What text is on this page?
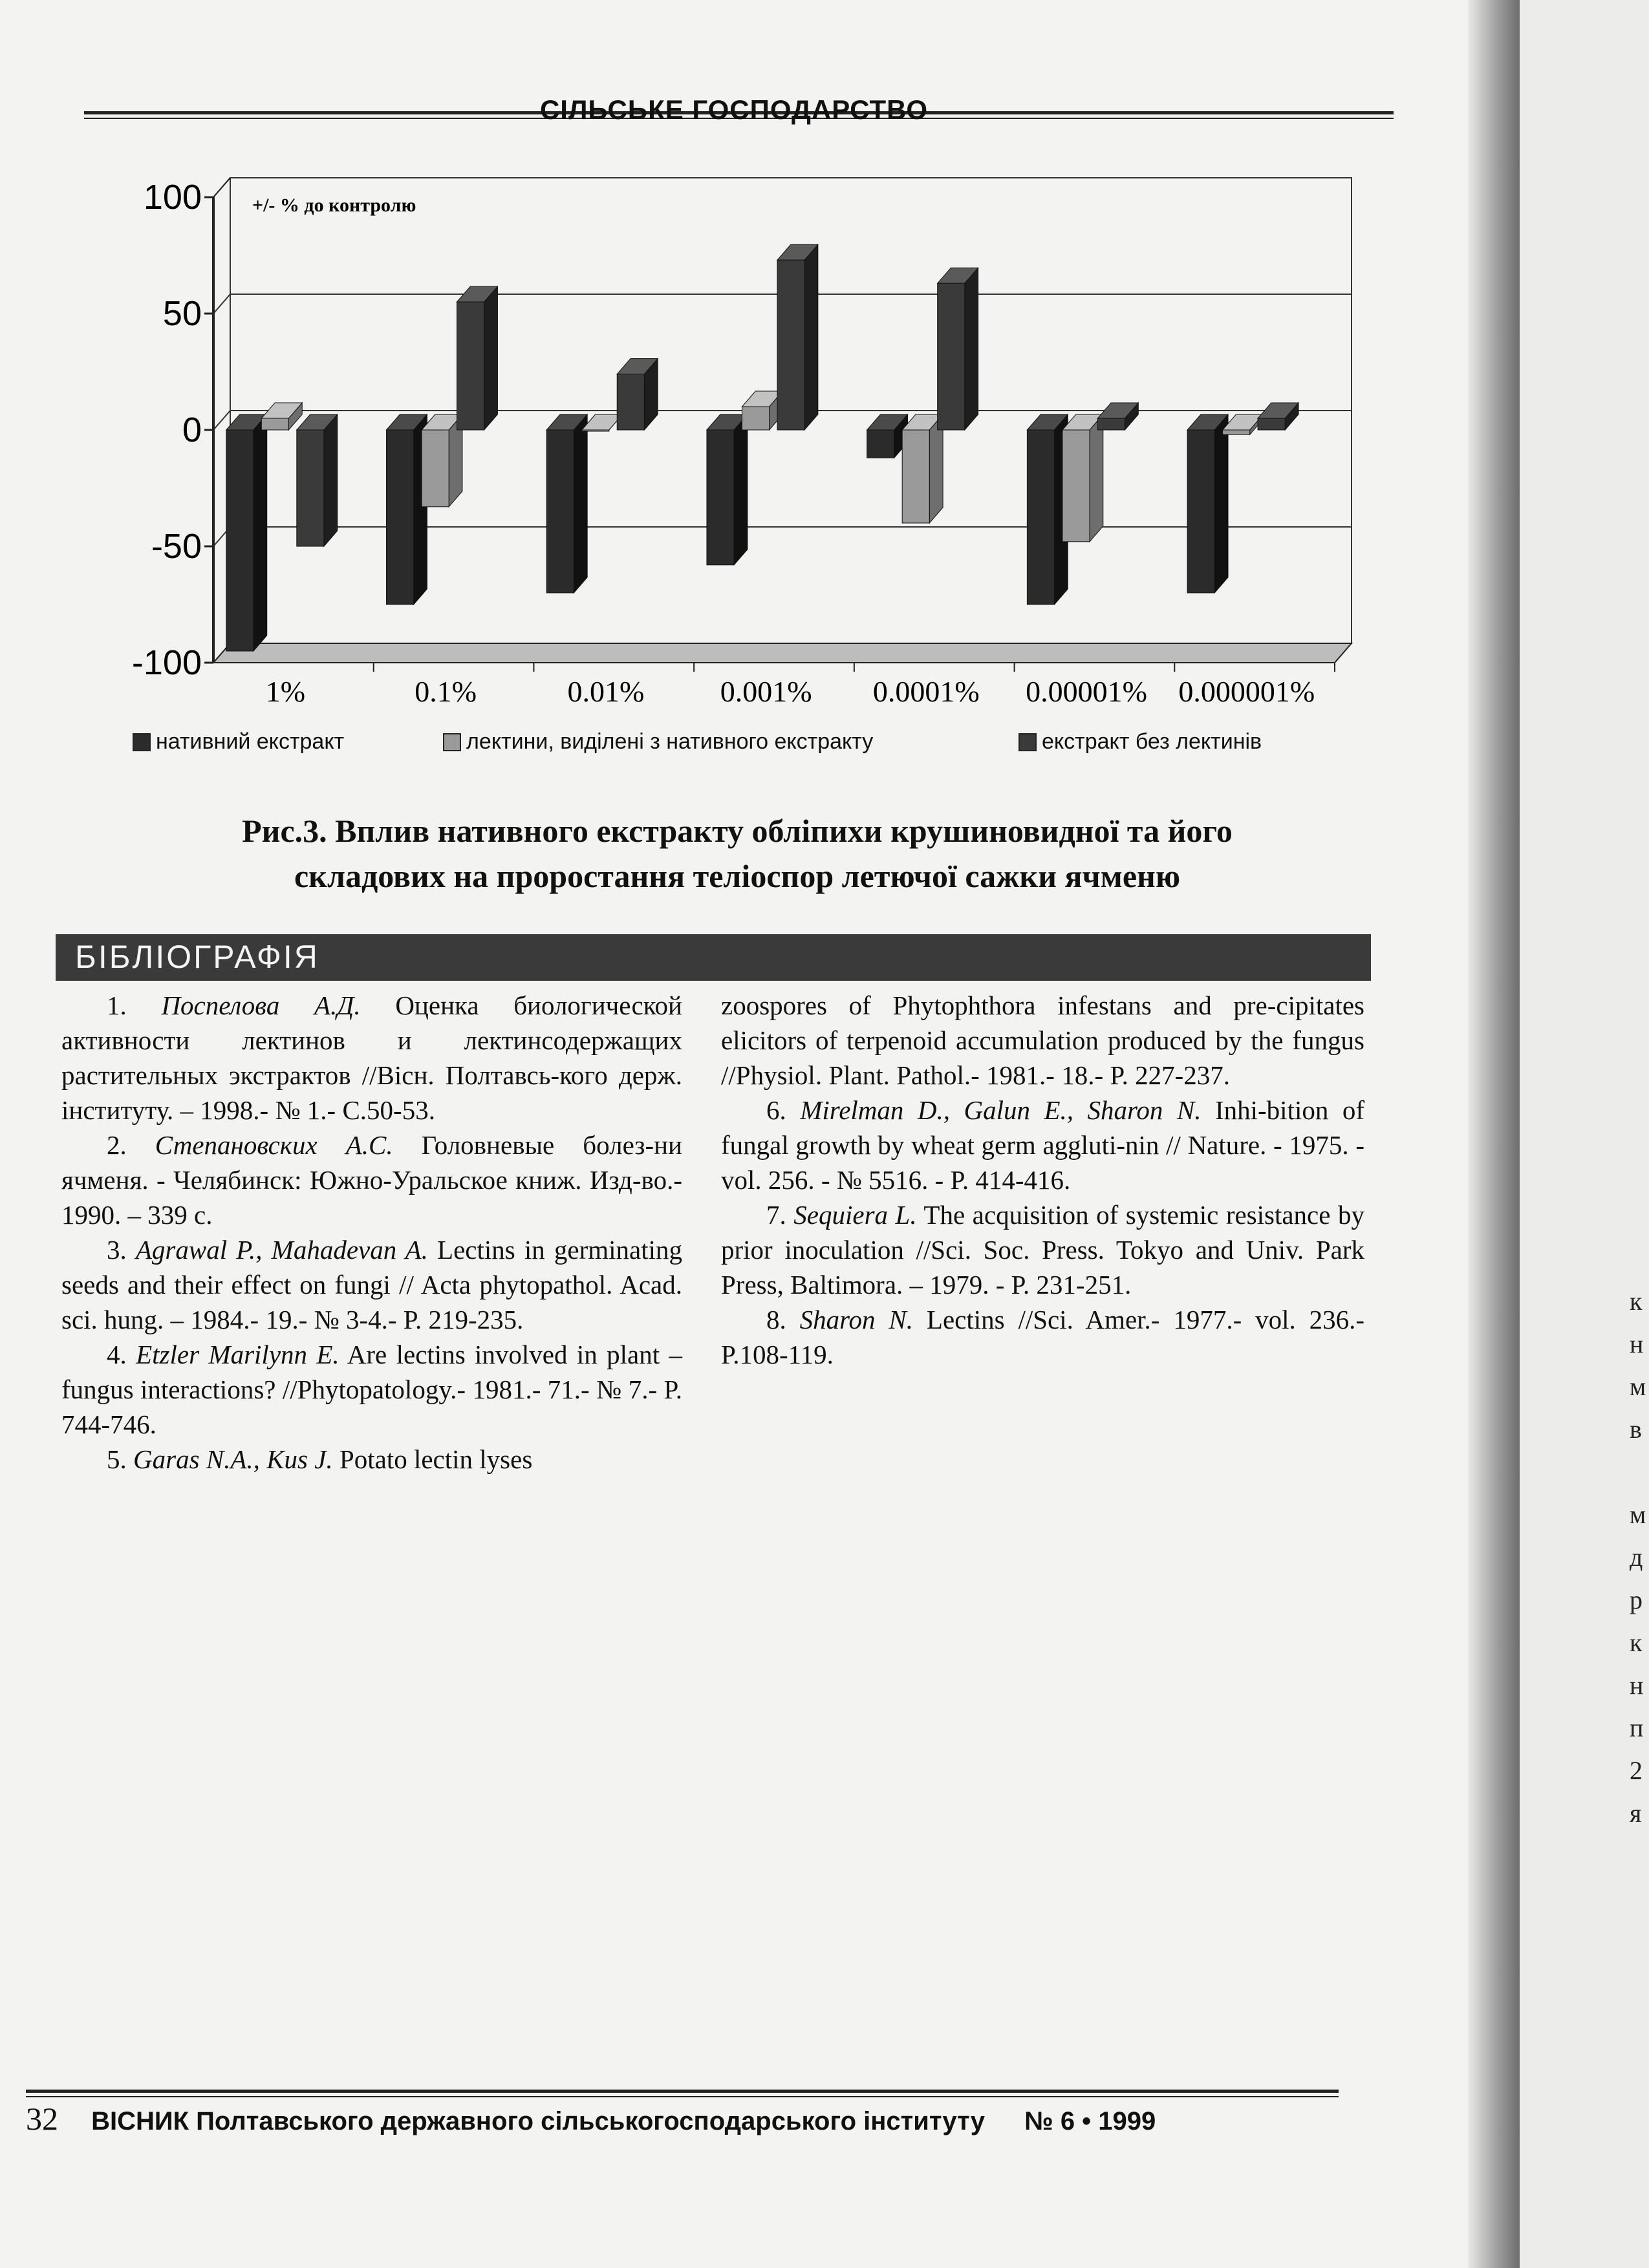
СІЛЬСЬКЕ ГОСПОДАРСТВО
100
50
0
-50
-100
+/- % до контролю
1%	0.1%	0.01%	0.001% 0.0001% 0.00001% 0.000001%
нативний екстракт	лектини, виділені з нативного екстракту	екстракт без лектинів
Рис.3. Вплив нативного екстракту обліпихи крушиновидної та його
складових на проростання теліоспор летючої сажки ячменю
БІБЛІОГРАФІЯ

1. Поспелова А.Д. Оценка биологической активности лектинов и лектинсодержащих растительных экстрактов //Вісн. Полтавсь-кого держ. інституту. – 1998.- № 1.- С.50-53.

2. Степановских А.С. Головневые болез-ни ячменя. - Челябинск: Южно-Уральское книж. Изд-во.- 1990. – 339 с.

3. Agrawal P., Mahadevan A. Lectins in germinating seeds and their effect on fungi // Acta phytopathol. Acad. sci. hung. – 1984.- 19.- № 3-4.- P. 219-235.

4. Etzler Marilynn E. Are lectins involved in plant – fungus interactions? //Phytopatology.- 1981.- 71.- № 7.- P. 744-746.

5. Garas N.A., Kus J. Potato lectin lyses

zoospores of Phytophthora infestans and pre-cipitates elicitors of terpenoid accumulation produced by the fungus //Physiol. Plant. Pathol.- 1981.- 18.- P. 227-237.

6. Mirelman D., Galun E., Sharon N. Inhi-bition of fungal growth by wheat germ aggluti-nin // Nature. - 1975. - vol. 256. - № 5516. - P. 414-416.

7. Sequiera L. The acquisition of systemic resistance by prior inoculation //Sci. Soc. Press. Tokyo and Univ. Park Press, Baltimora. – 1979. - P. 231-251.

8. Sharon N. Lectins //Sci. Amer.- 1977.- vol. 236.- P.108-119.

32 ВІСНИК Полтавського державного сільськогосподарського інституту № 6 • 1999
к
н
м
в

м
д
р
к
н
п
2
я
